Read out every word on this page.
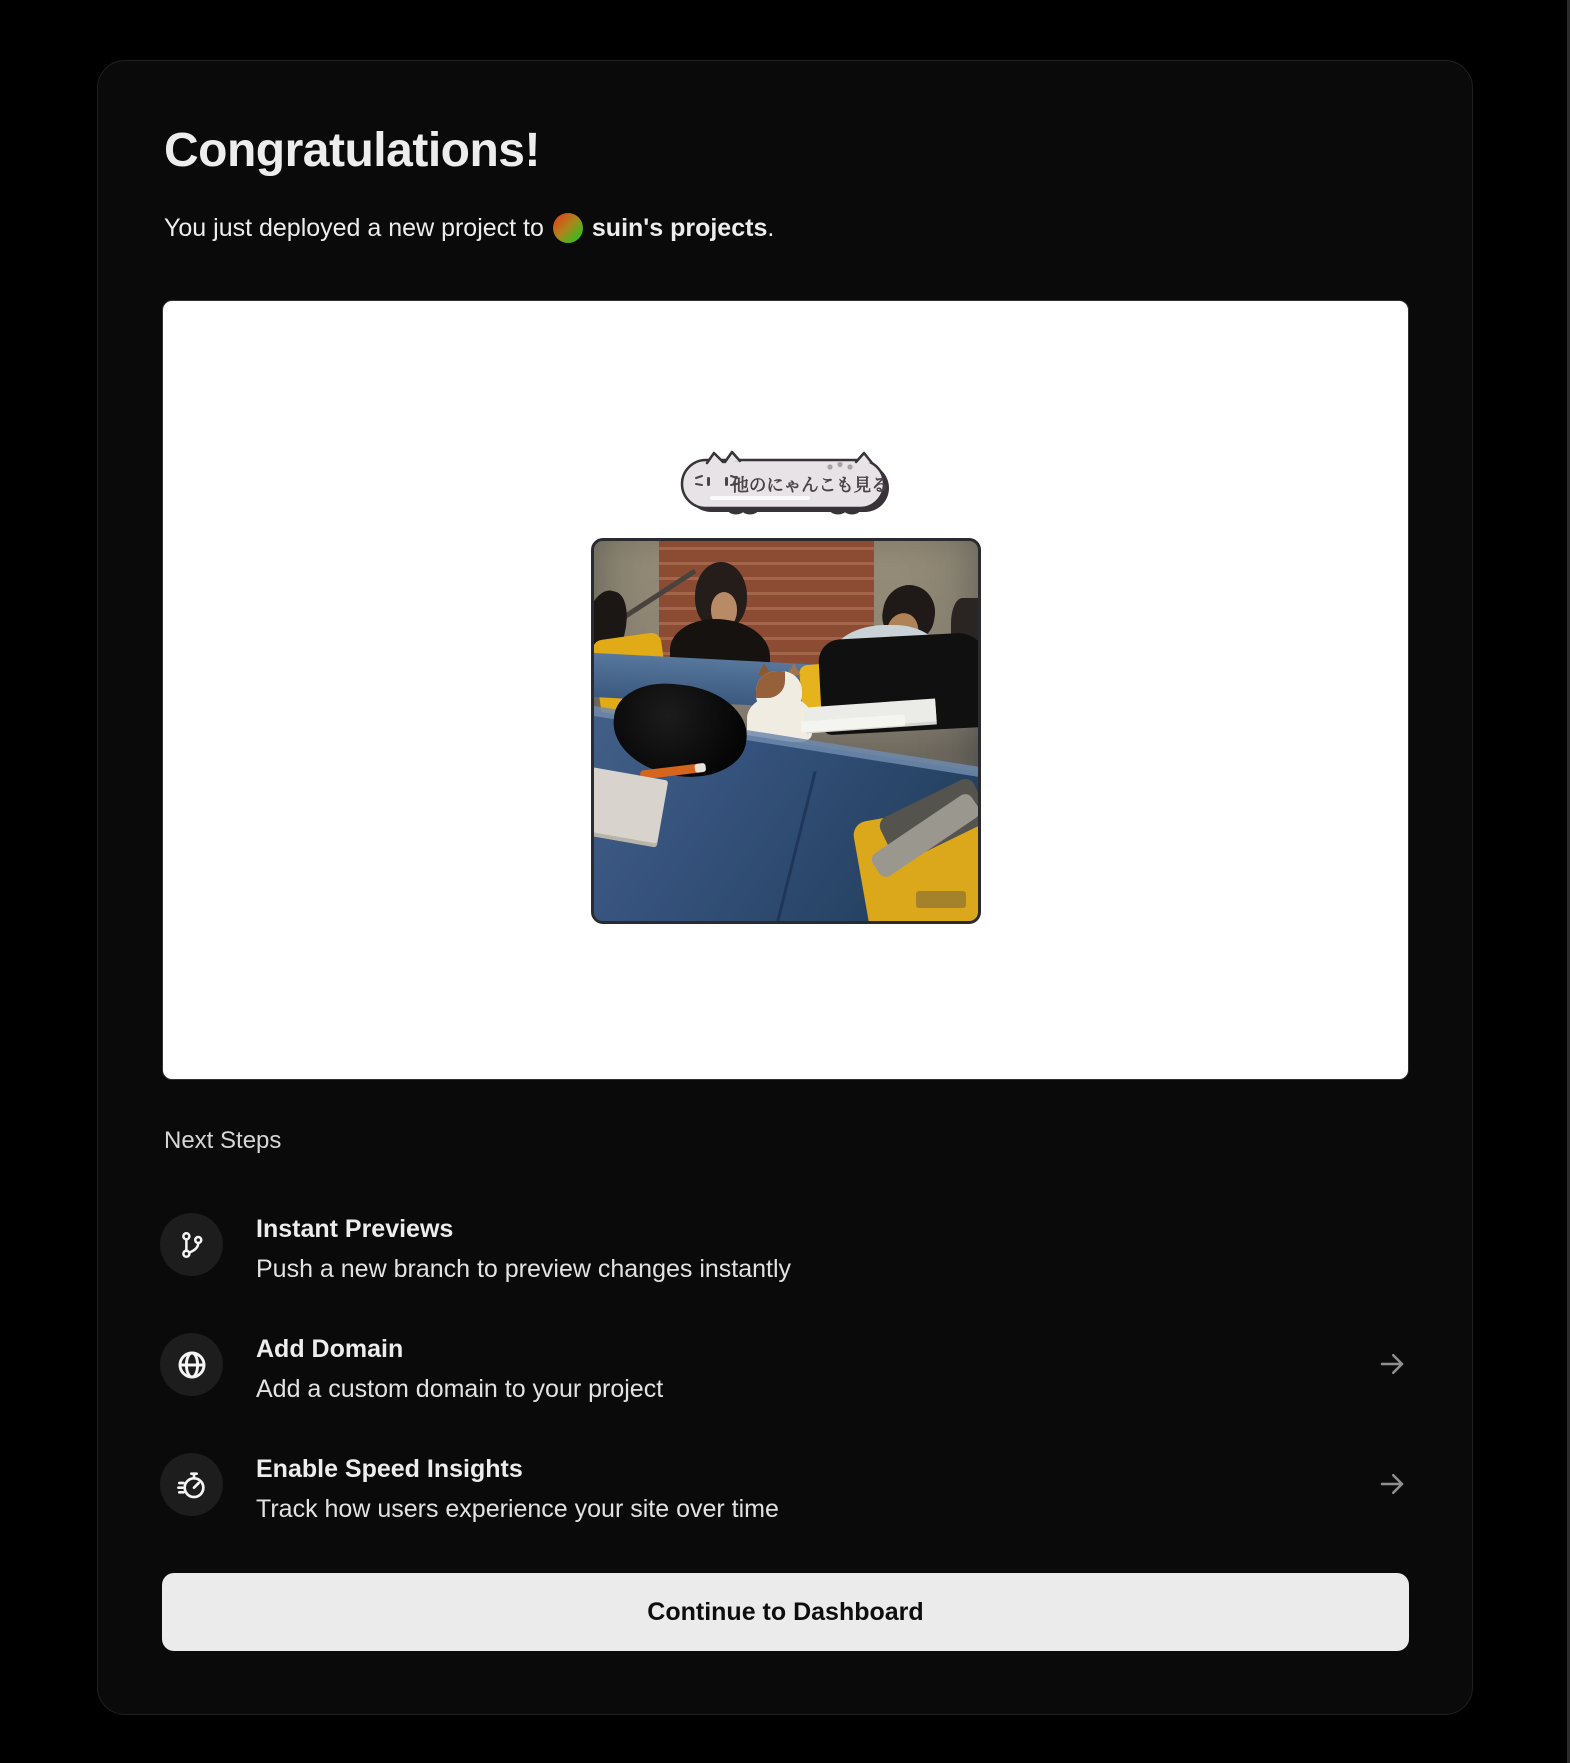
Congratulations!

You just deployed a new project to suin's projects.

他のにゃんこも見る
Next Steps
Instant Previews
Push a new branch to preview changes instantly
Add Domain
Add a custom domain to your project
Enable Speed Insights
Track how users experience your site over time
Continue to Dashboard
